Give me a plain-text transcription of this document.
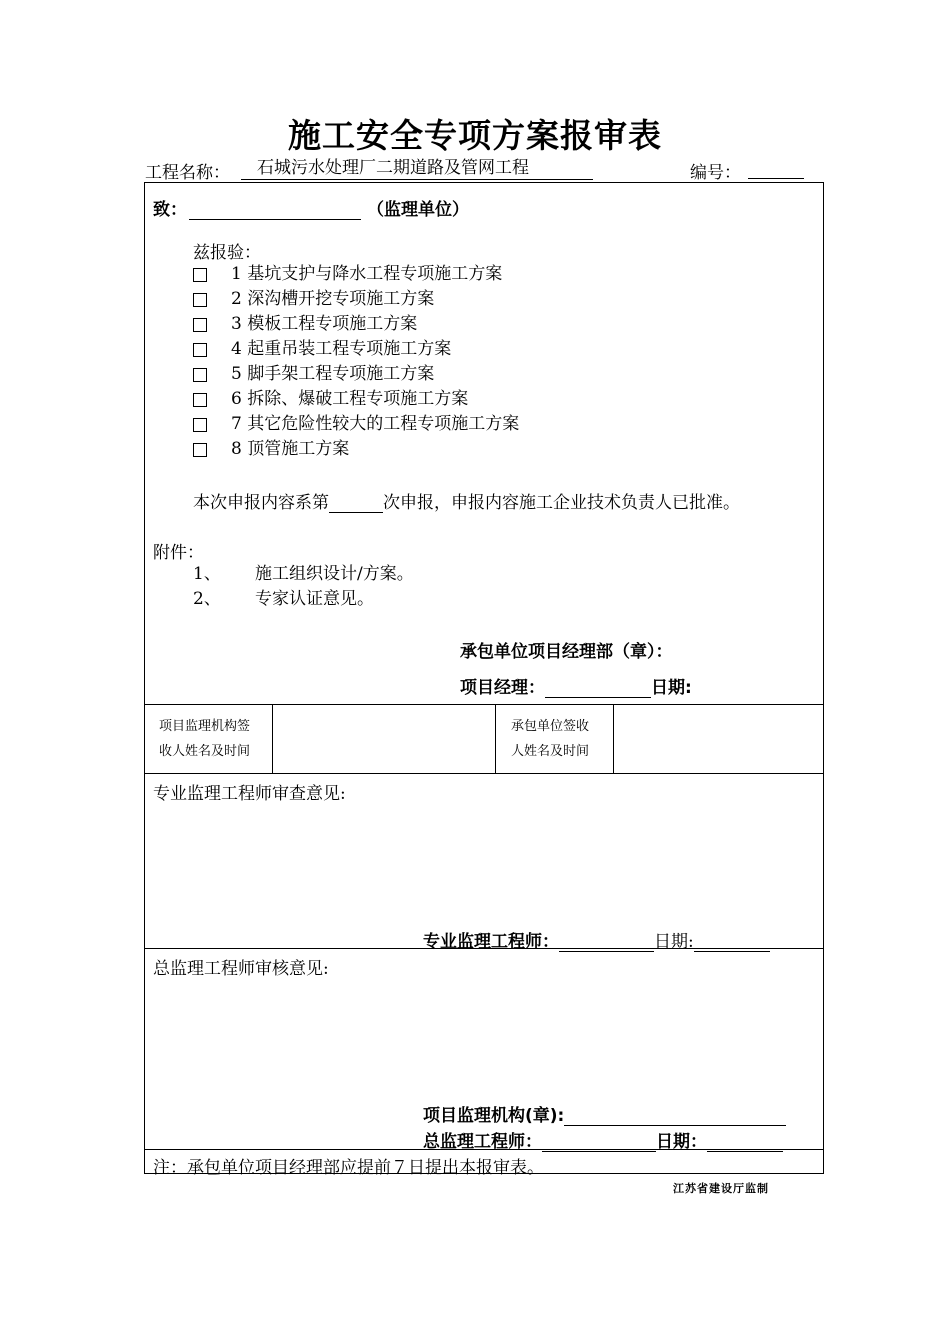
施工安全专项方案报审表
工程名称：	石城污水处理厂二期道路及管网工程	编号：
致：	（监理单位）
兹报验：
1 基坑支护与降水工程专项施工方案
2 深沟槽开挖专项施工方案
3 模板工程专项施工方案
4 起重吊装工程专项施工方案
5 脚手架工程专项施工方案
6 拆除、爆破工程专项施工方案
7 其它危险性较大的工程专项施工方案
8 顶管施工方案
本次申报内容系第	次申报，申报内容施工企业技术负责人已批准。
附件：
1、 施工组织设计/方案。
2、 专家认证意见。
承包单位项目经理部（章）：
项目经理：	日期:
项目监理机构签
收人姓名及时间
承包单位签收
人姓名及时间
专业监理工程师审查意见:
专业监理工程师：	日期:
总监理工程师审核意见:
项目监理机构(章):
总监理工程师：	日期：
注：承包单位项目经理部应提前７日提出本报审表。
江苏省建设厅监制
